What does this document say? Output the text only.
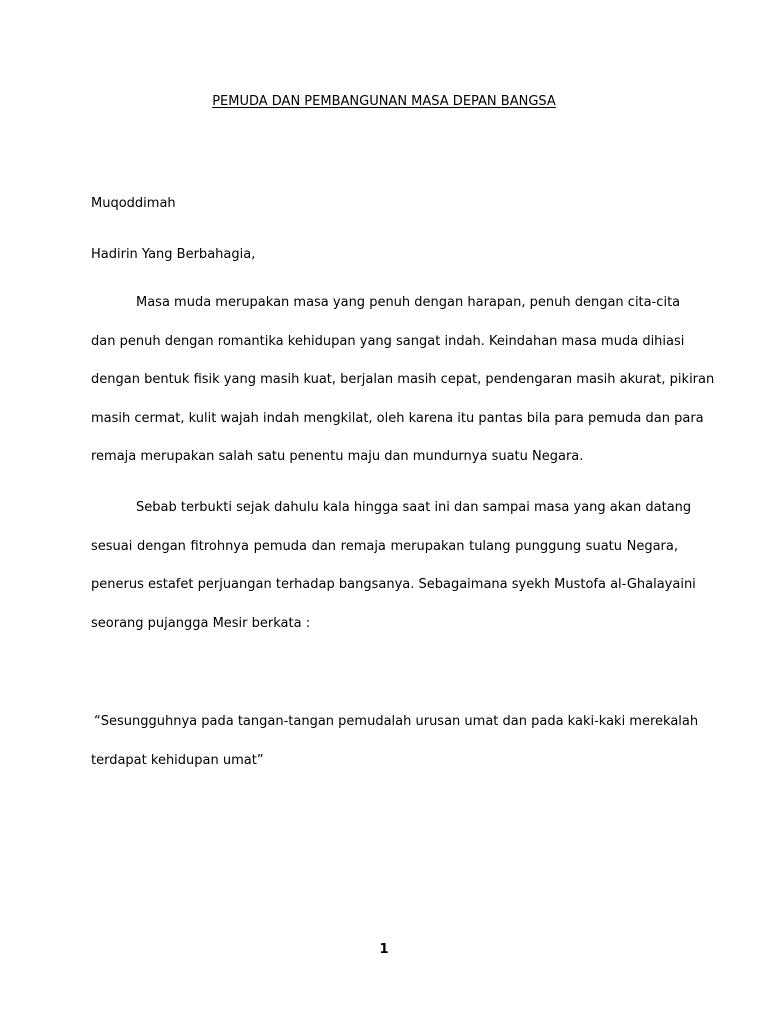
PEMUDA DAN PEMBANGUNAN MASA DEPAN BANGSA
Muqoddimah
Hadirin Yang Berbahagia,
Masa muda merupakan masa yang penuh dengan harapan, penuh dengan cita-cita
dan penuh dengan romantika kehidupan yang sangat indah. Keindahan masa muda dihiasi
dengan bentuk fisik yang masih kuat, berjalan masih cepat, pendengaran masih akurat, pikiran
masih cermat, kulit wajah indah mengkilat, oleh karena itu pantas bila para pemuda dan para
remaja merupakan salah satu penentu maju dan mundurnya suatu Negara.
Sebab terbukti sejak dahulu kala hingga saat ini dan sampai masa yang akan datang
sesuai dengan fitrohnya pemuda dan remaja merupakan tulang punggung suatu Negara,
penerus estafet perjuangan terhadap bangsanya. Sebagaimana syekh Mustofa al-Ghalayaini
seorang pujangga Mesir berkata :
“Sesungguhnya pada tangan-tangan pemudalah urusan umat dan pada kaki-kaki merekalah
terdapat kehidupan umat”
1
